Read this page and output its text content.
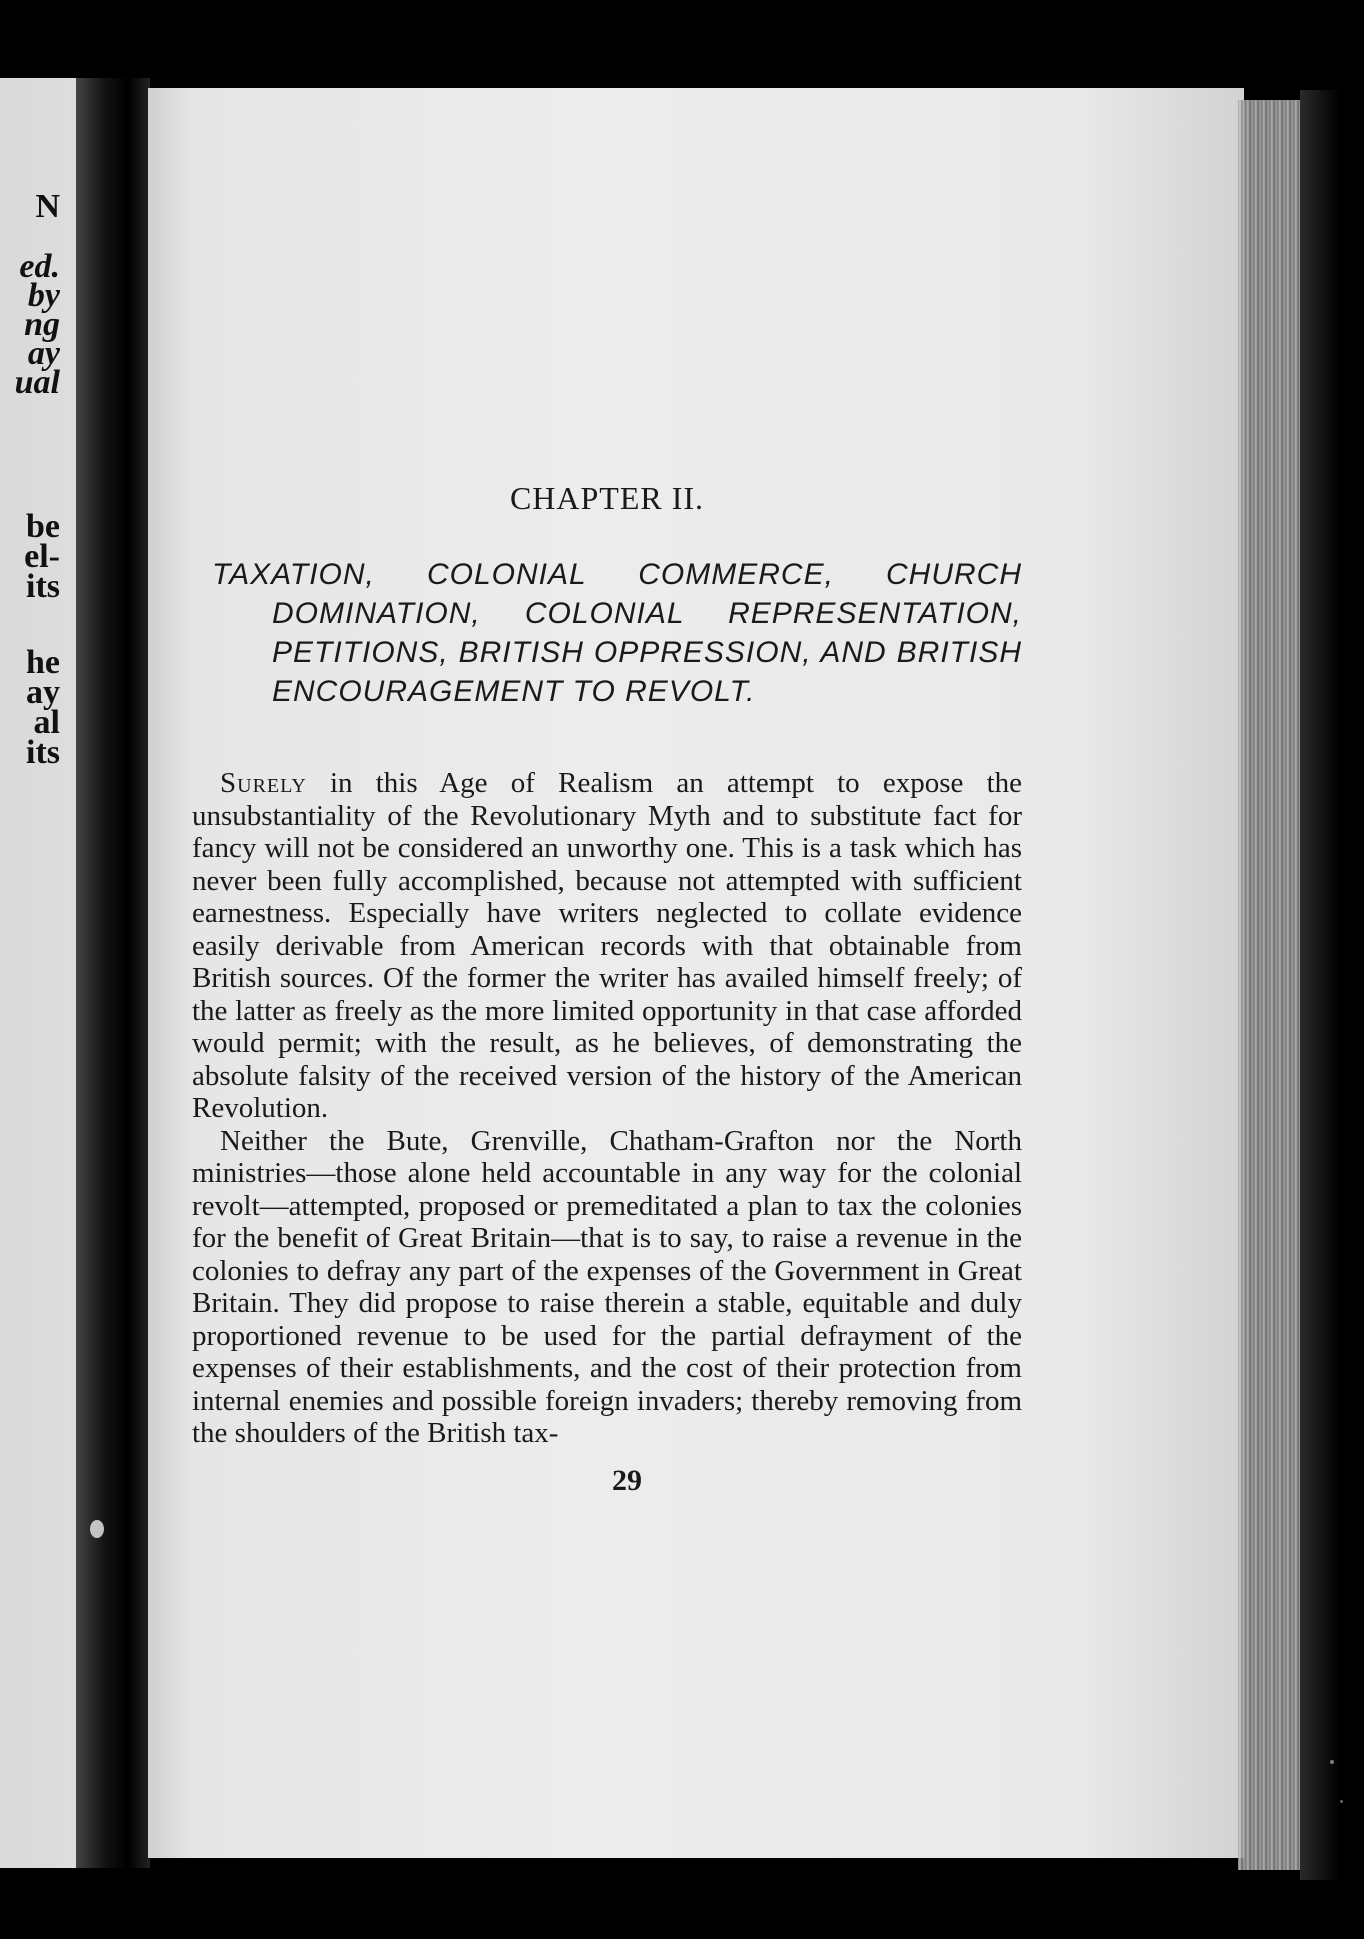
N
ed.
by
ng
ay
ual
be
el-
its
he
ay
al
its
CHAPTER II.
TAXATION, COLONIAL COMMERCE, CHURCH DOMINATION, COLONIAL REPRESENTATION, PETITIONS, BRITISH OPPRESSION, AND BRITISH ENCOURAGEMENT TO REVOLT.

Surely in this Age of Realism an attempt to expose the unsubstantiality of the Revolutionary Myth and to substitute fact for fancy will not be considered an unworthy one. This is a task which has never been fully accomplished, because not attempted with sufficient earnestness. Especially have writers neglected to collate evidence easily derivable from American records with that obtainable from British sources. Of the former the writer has availed himself freely; of the latter as freely as the more limited opportunity in that case afforded would permit; with the result, as he believes, of demonstrating the absolute falsity of the received version of the history of the American Revolution.

Neither the Bute, Grenville, Chatham-Grafton nor the North ministries—those alone held accountable in any way for the colonial revolt—attempted, proposed or premeditated a plan to tax the colonies for the benefit of Great Britain—that is to say, to raise a revenue in the colonies to defray any part of the expenses of the Government in Great Britain. They did propose to raise therein a stable, equitable and duly proportioned revenue to be used for the partial defrayment of the expenses of their establishments, and the cost of their protection from internal enemies and possible foreign invaders; thereby removing from the shoulders of the British tax-

29
